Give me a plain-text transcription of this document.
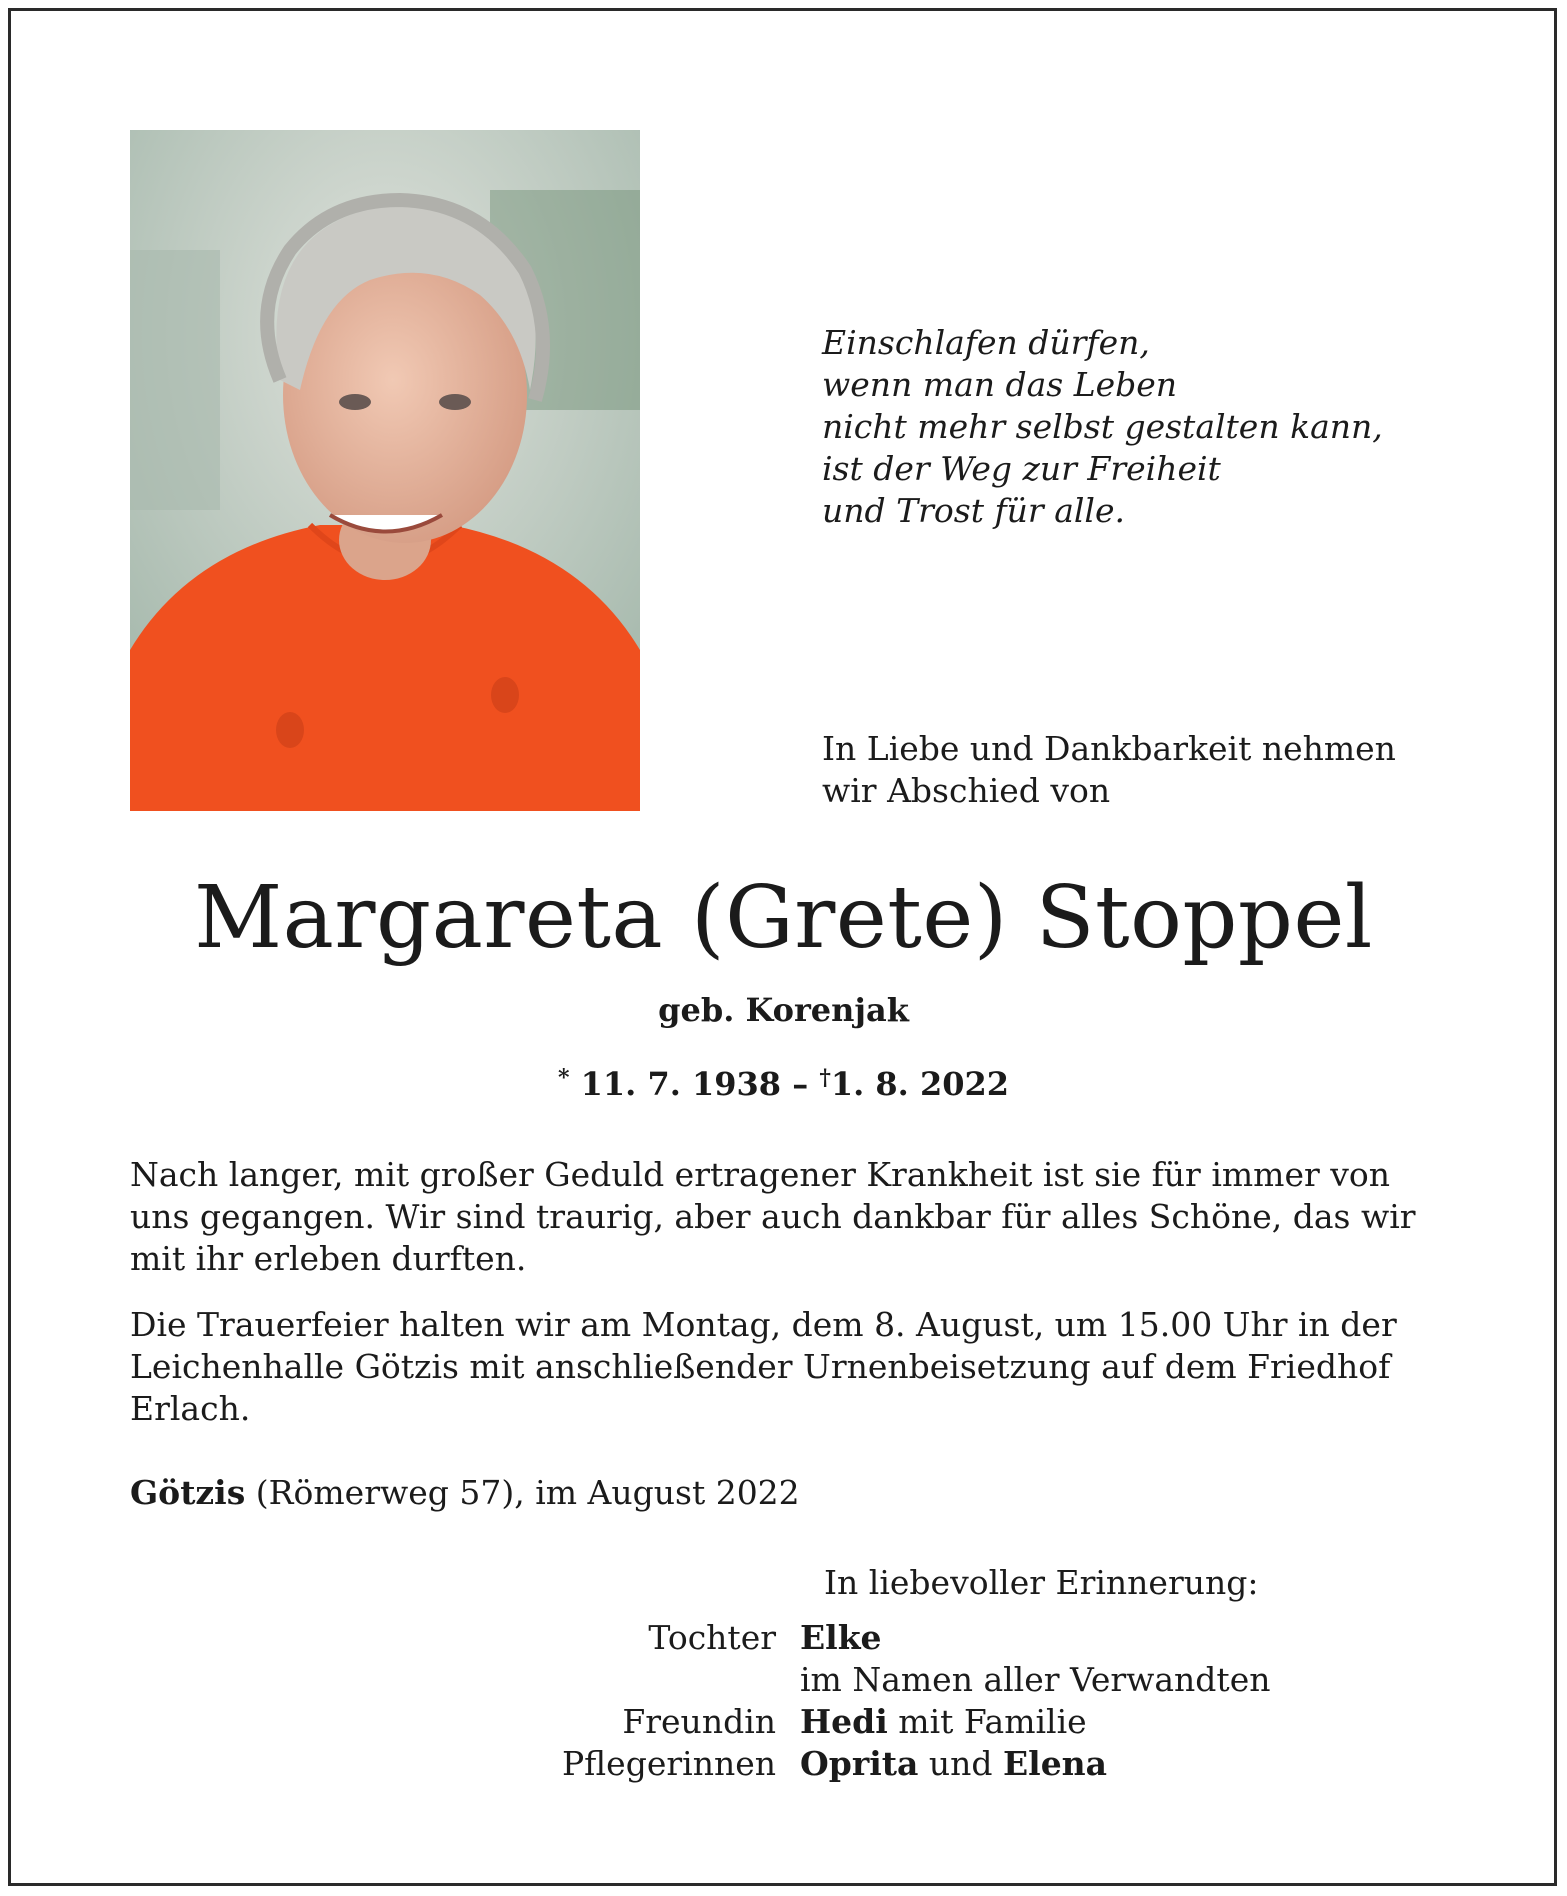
Einschlafen dürfen,
wenn man das Leben
nicht mehr selbst gestalten kann,
ist der Weg zur Freiheit
und Trost für alle.
In Liebe und Dankbarkeit nehmen
wir Abschied von
Margareta (Grete) Stoppel
geb. Korenjak
* 11. 7. 1938 – †1. 8. 2022
Nach langer, mit großer Geduld ertragener Krankheit ist sie für immer von
uns gegangen. Wir sind traurig, aber auch dankbar für alles Schöne, das wir
mit ihr erleben durften.
Die Trauerfeier halten wir am Montag, dem 8. August, um 15.00 Uhr in der
Leichenhalle Götzis mit anschließender Urnenbeisetzung auf dem Friedhof
Erlach.
Götzis (Römerweg 57), im August 2022
In liebevoller Erinnerung:
Tochter Elke
im Namen aller Verwandten
Freundin Hedi mit Familie
Pflegerinnen Oprita und Elena
